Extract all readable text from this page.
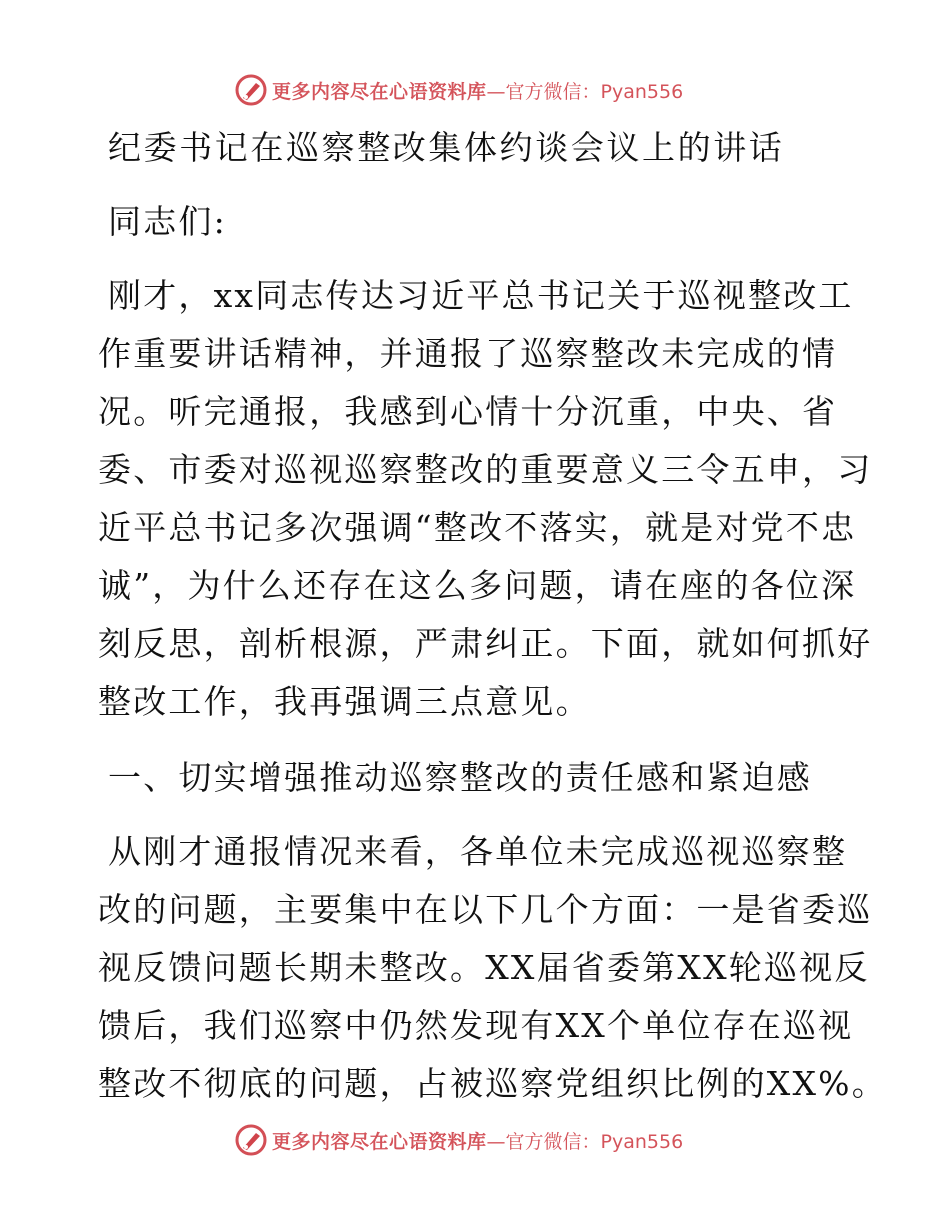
更多内容尽在心语资料库 —官方微信：Pyan556
纪委书记在巡察整改集体约谈会议上的讲话
同志们:
刚才，xx同志传达习近平总书记关于巡视整改工
作重要讲话精神，并通报了巡察整改未完成的情
况。听完通报，我感到心情十分沉重，中央、省
委、市委对巡视巡察整改的重要意义三令五申，习
近平总书记多次强调“整改不落实，就是对党不忠
诚”，为什么还存在这么多问题，请在座的各位深
刻反思，剖析根源，严肃纠正。下面，就如何抓好
整改工作，我再强调三点意见。
一、切实增强推动巡察整改的责任感和紧迫感
从刚才通报情况来看，各单位未完成巡视巡察整
改的问题，主要集中在以下几个方面：一是省委巡
视反馈问题长期未整改。XX届省委第XX轮巡视反
馈后，我们巡察中仍然发现有XX个单位存在巡视
整改不彻底的问题，占被巡察党组织比例的XX%。
更多内容尽在心语资料库 —官方微信：Pyan556
